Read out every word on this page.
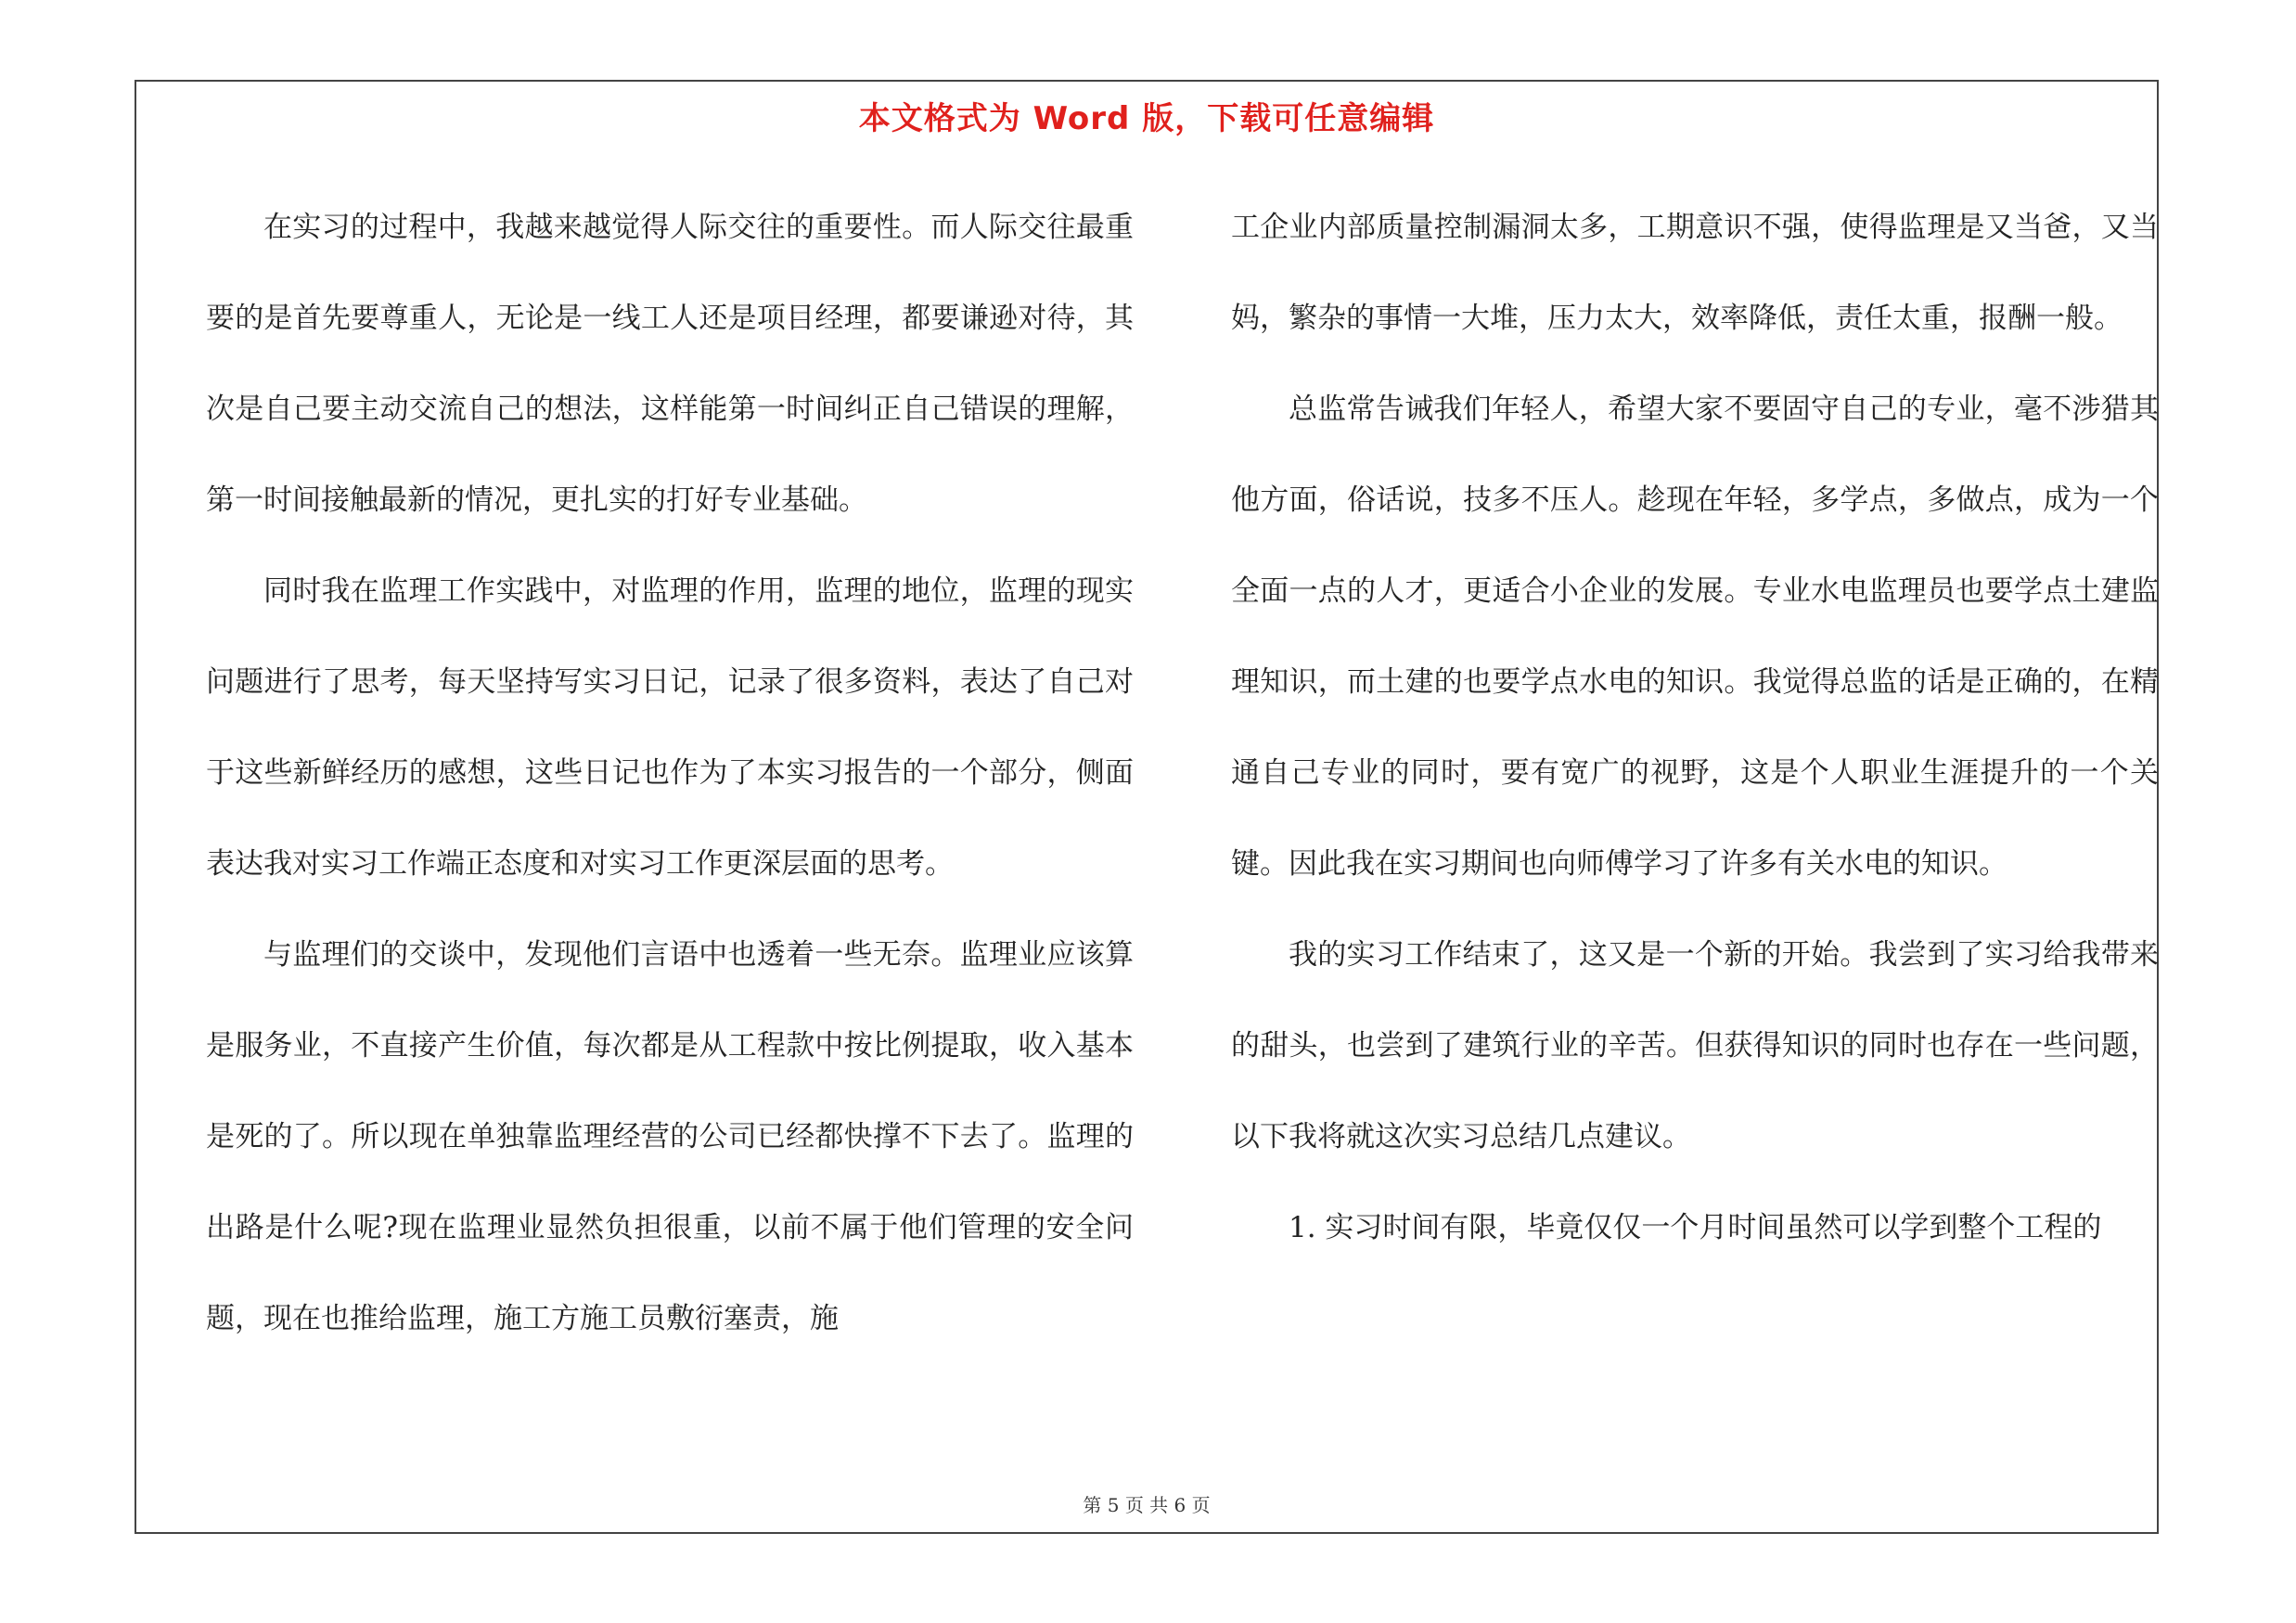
本文格式为 Word 版，下载可任意编辑

在实习的过程中，我越来越觉得人际交往的重要性。而人际交往最重要的是首先要尊重人，无论是一线工人还是项目经理，都要谦逊对待，其次是自己要主动交流自己的想法，这样能第一时间纠正自己错误的理解，第一时间接触最新的情况，更扎实的打好专业基础。

同时我在监理工作实践中，对监理的作用，监理的地位，监理的现实问题进行了思考，每天坚持写实习日记，记录了很多资料，表达了自己对于这些新鲜经历的感想，这些日记也作为了本实习报告的一个部分，侧面表达我对实习工作端正态度和对实习工作更深层面的思考。

与监理们的交谈中，发现他们言语中也透着一些无奈。监理业应该算是服务业，不直接产生价值，每次都是从工程款中按比例提取，收入基本是死的了。所以现在单独靠监理经营的公司已经都快撑不下去了。监理的出路是什么呢?现在监理业显然负担很重，以前不属于他们管理的安全问题，现在也推给监理，施工方施工员敷衍塞责，施

工企业内部质量控制漏洞太多，工期意识不强，使得监理是又当爸，又当妈，繁杂的事情一大堆，压力太大，效率降低，责任太重，报酬一般。

总监常告诫我们年轻人，希望大家不要固守自己的专业，毫不涉猎其他方面，俗话说，技多不压人。趁现在年轻，多学点，多做点，成为一个全面一点的人才，更适合小企业的发展。专业水电监理员也要学点土建监理知识，而土建的也要学点水电的知识。我觉得总监的话是正确的，在精通自己专业的同时，要有宽广的视野，这是个人职业生涯提升的一个关键。因此我在实习期间也向师傅学习了许多有关水电的知识。

我的实习工作结束了，这又是一个新的开始。我尝到了实习给我带来的甜头，也尝到了建筑行业的辛苦。但获得知识的同时也存在一些问题，以下我将就这次实习总结几点建议。

1. 实习时间有限，毕竟仅仅一个月时间虽然可以学到整个工程的

第 5 页 共 6 页
